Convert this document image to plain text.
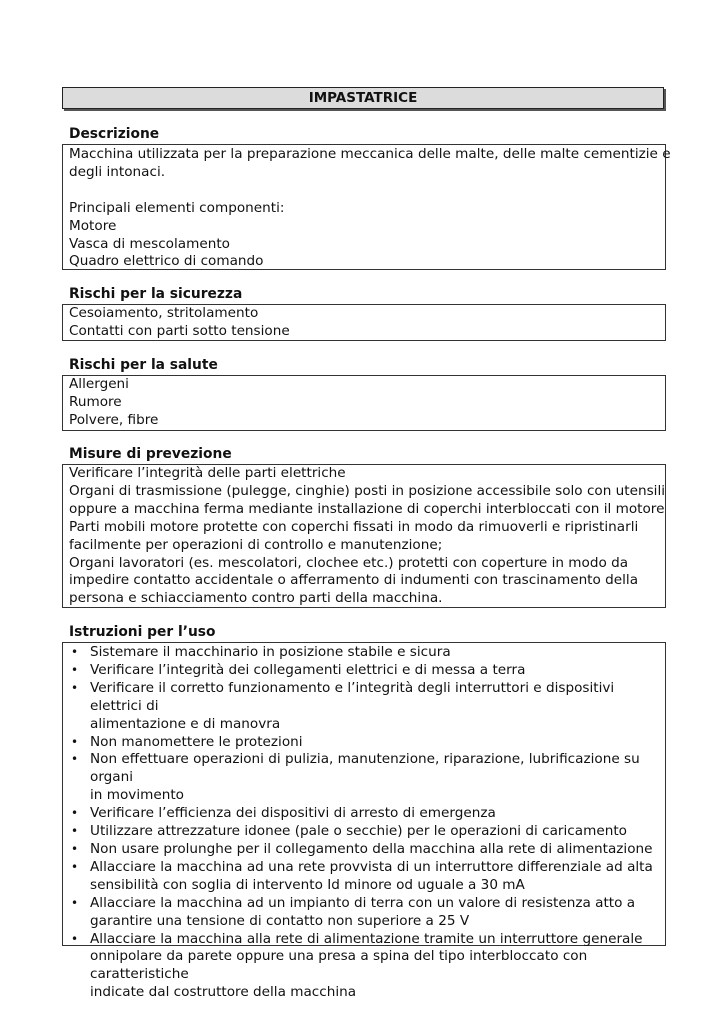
IMPASTATRICE
Descrizione
Macchina utilizzata per la preparazione meccanica delle malte, delle malte cementizie e
degli intonaci.
Principali elementi componenti:
Motore
Vasca di mescolamento
Quadro elettrico di comando
Rischi per la sicurezza
Cesoiamento, stritolamento
Contatti con parti sotto tensione
Rischi per la salute
Allergeni
Rumore
Polvere, fibre
Misure di prevezione
Verificare l’integrità delle parti elettriche
Organi di trasmissione (pulegge, cinghie) posti in posizione accessibile solo con utensili
oppure a macchina ferma mediante installazione di coperchi interbloccati con il motore
Parti mobili motore protette con coperchi fissati in modo da rimuoverli e ripristinarli
facilmente per operazioni di controllo e manutenzione;
Organi lavoratori (es. mescolatori, clochee etc.) protetti con coperture in modo da
impedire contatto accidentale o afferramento di indumenti con trascinamento della
persona e schiacciamento contro parti della macchina.
Istruzioni per l’uso
• Sistemare il macchinario in posizione stabile e sicura
• Verificare l’integrità dei collegamenti elettrici e di messa a terra
• Verificare il corretto funzionamento e l’integrità degli interruttori e dispositivi elettrici di
alimentazione e di manovra
• Non manomettere le protezioni
• Non effettuare operazioni di pulizia, manutenzione, riparazione, lubrificazione su organi
in movimento
• Verificare l’efficienza dei dispositivi di arresto di emergenza
• Utilizzare attrezzature idonee (pale o secchie) per le operazioni di caricamento
• Non usare prolunghe per il collegamento della macchina alla rete di alimentazione
• Allacciare la macchina ad una rete provvista di un interruttore differenziale ad alta
sensibilità con soglia di intervento Id minore od uguale a 30 mA
• Allacciare la macchina ad un impianto di terra con un valore di resistenza atto a
garantire una tensione di contatto non superiore a 25 V
• Allacciare la macchina alla rete di alimentazione tramite un interruttore generale
onnipolare da parete oppure una presa a spina del tipo interbloccato con caratteristiche
indicate dal costruttore della macchina
